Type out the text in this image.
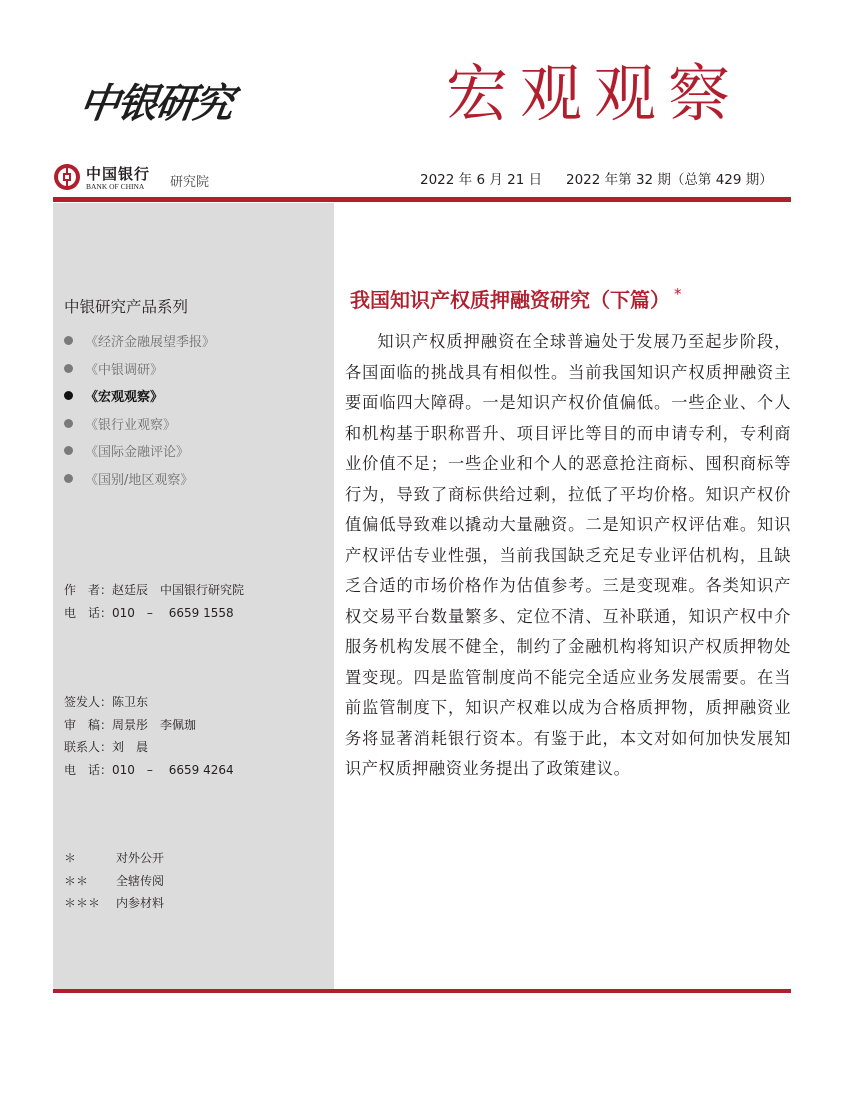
中银研究	宏观观察
中国银行
BANK OF CHINA 研究院	2022 年 6 月 21 日 2022 年第 32 期（总第 429 期）
中银研究产品系列
《经济金融展望季报》
《中银调研》
《宏观观察》
《银行业观察》
《国际金融评论》
《国别/地区观察》
作　者：赵廷辰　中国银行研究院
电　话：010　–　 6659 1558
签发人：陈卫东
审　稿：周景彤　李佩珈
联系人：刘　晨
电　话：010　–　 6659 4264
＊	对外公开
＊＊ 全辖传阅
＊＊＊ 内参材料
我国知识产权质押融资研究（下篇） *

知识产权质押融资在全球普遍处于发展乃至起步阶段，各国面临的挑战具有相似性。当前我国知识产权质押融资主要面临四大障碍。一是知识产权价值偏低。一些企业、个人和机构基于职称晋升、项目评比等目的而申请专利，专利商业价值不足；一些企业和个人的恶意抢注商标、囤积商标等行为，导致了商标供给过剩，拉低了平均价格。知识产权价值偏低导致难以撬动大量融资。二是知识产权评估难。知识产权评估专业性强，当前我国缺乏充足专业评估机构，且缺乏合适的市场价格作为估值参考。三是变现难。各类知识产权交易平台数量繁多、定位不清、互补联通，知识产权中介服务机构发展不健全，制约了金融机构将知识产权质押物处置变现。四是监管制度尚不能完全适应业务发展需要。在当前监管制度下，知识产权难以成为合格质押物，质押融资业务将显著消耗银行资本。有鉴于此，本文对如何加快发展知识产权质押融资业务提出了政策建议。
